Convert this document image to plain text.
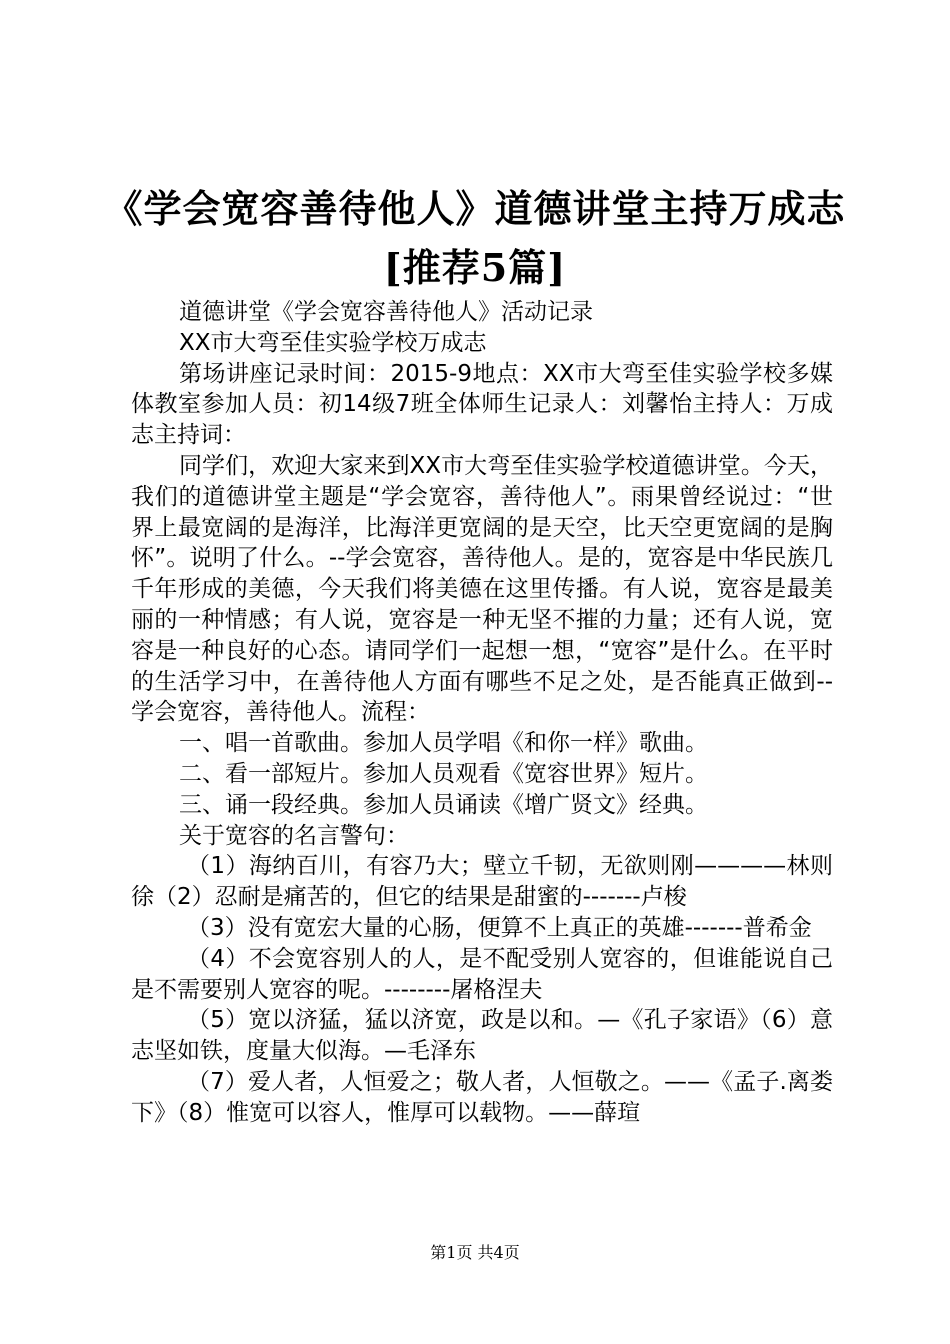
《学会宽容善待他人》道德讲堂主持万成志
[推荐5篇]

道德讲堂《学会宽容善待他人》活动记录

XX市大弯至佳实验学校万成志

第场讲座记录时间：2015-9地点：XX市大弯至佳实验学校多媒体教室参加人员：初14级7班全体师生记录人：刘馨怡主持人：万成志主持词：

同学们，欢迎大家来到XX市大弯至佳实验学校道德讲堂。今天，我们的道德讲堂主题是“学会宽容，善待他人”。雨果曾经说过：“世界上最宽阔的是海洋，比海洋更宽阔的是天空，比天空更宽阔的是胸怀”。说明了什么。--学会宽容，善待他人。是的，宽容是中华民族几千年形成的美德，今天我们将美德在这里传播。有人说，宽容是最美丽的一种情感；有人说，宽容是一种无坚不摧的力量；还有人说，宽容是一种良好的心态。请同学们一起想一想，“宽容”是什么。在平时的生活学习中，在善待他人方面有哪些不足之处，是否能真正做到--学会宽容，善待他人。流程：

一、唱一首歌曲。参加人员学唱《和你一样》歌曲。

二、看一部短片。参加人员观看《宽容世界》短片。

三、诵一段经典。参加人员诵读《增广贤文》经典。

关于宽容的名言警句：

（1）海纳百川，有容乃大；壁立千韧，无欲则刚————林则徐（2）忍耐是痛苦的，但它的结果是甜蜜的-------卢梭

（3）没有宽宏大量的心肠，便算不上真正的英雄-------普希金

（4）不会宽容别人的人，是不配受别人宽容的，但谁能说自己是不需要别人宽容的呢。--------屠格涅夫

（5）宽以济猛，猛以济宽，政是以和。—《孔子家语》（6）意志坚如铁，度量大似海。—毛泽东

（7）爱人者，人恒爱之；敬人者，人恒敬之。——《孟子.离娄下》（8）惟宽可以容人，惟厚可以载物。——薛瑄

第1页 共4页
